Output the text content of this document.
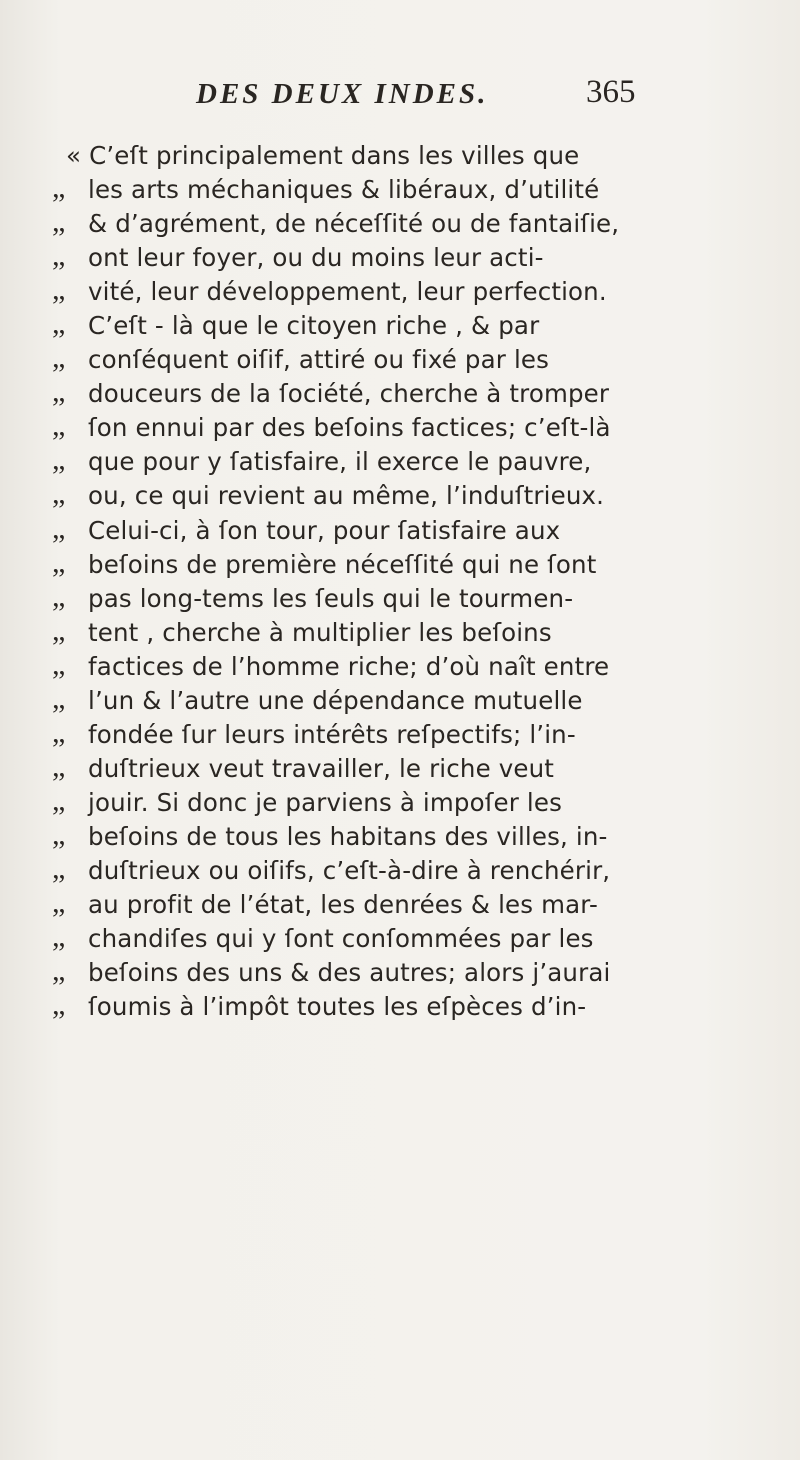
DES DEUX INDES.	365
« C’eſt principalement dans les villes que
„ les arts méchaniques & libéraux, d’utilité
„ & d’agrément, de néceſſité ou de fantaiſie,
„ ont leur foyer, ou du moins leur acti-
„ vité, leur développement, leur perfection.
„ C’eſt - là que le citoyen riche , & par
„ conſéquent oiſif, attiré ou fixé par les
„ douceurs de la ſociété, cherche à tromper
„ ſon ennui par des beſoins factices; c’eſt-là
„ que pour y ſatisfaire, il exerce le pauvre,
„ ou, ce qui revient au même, l’induſtrieux.
„ Celui-ci, à ſon tour, pour ſatisfaire aux
„ beſoins de première néceſſité qui ne ſont
„ pas long-tems les ſeuls qui le tourmen-
„ tent , cherche à multiplier les beſoins
„ factices de l’homme riche; d’où naît entre
„ l’un & l’autre une dépendance mutuelle
„ fondée ſur leurs intérêts reſpectifs; l’in-
„ duſtrieux veut travailler, le riche veut
„ jouir. Si donc je parviens à impoſer les
„ beſoins de tous les habitans des villes, in-
„ duſtrieux ou oiſifs, c’eſt-à-dire à renchérir,
„ au profit de l’état, les denrées & les mar-
„ chandiſes qui y ſont conſommées par les
„ beſoins des uns & des autres; alors j’aurai
„ ſoumis à l’impôt toutes les eſpèces d’in-
